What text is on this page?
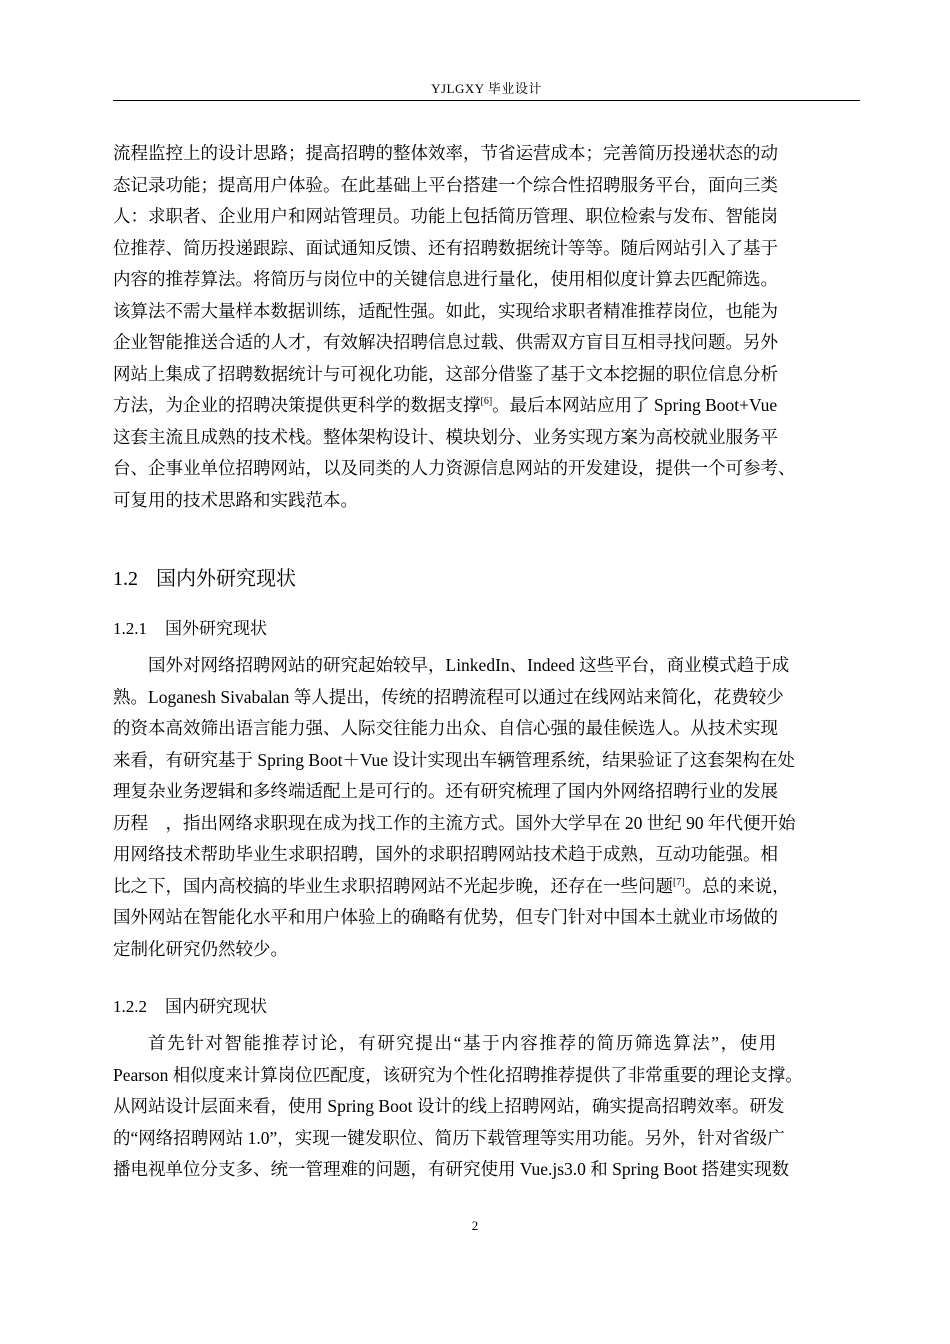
YJLGXY 毕业设计

流程监控上的设计思路；提高招聘的整体效率，节省运营成本；完善简历投递状态的动
态记录功能；提高用户体验。在此基础上平台搭建一个综合性招聘服务平台，面向三类
人：求职者、企业用户和网站管理员。功能上包括简历管理、职位检索与发布、智能岗
位推荐、简历投递跟踪、面试通知反馈、还有招聘数据统计等等。随后网站引入了基于
内容的推荐算法。将简历与岗位中的关键信息进行量化，使用相似度计算去匹配筛选。
该算法不需大量样本数据训练，适配性强。如此，实现给求职者精准推荐岗位，也能为
企业智能推送合适的人才，有效解决招聘信息过载、供需双方盲目互相寻找问题。另外
网站上集成了招聘数据统计与可视化功能，这部分借鉴了基于文本挖掘的职位信息分析
方法，为企业的招聘决策提供更科学的数据支撑[6]。最后本网站应用了 Spring Boot+Vue
这套主流且成熟的技术栈。整体架构设计、模块划分、业务实现方案为高校就业服务平
台、企事业单位招聘网站，以及同类的人力资源信息网站的开发建设，提供一个可参考、
可复用的技术思路和实践范本。

1.2 国内外研究现状
1.2.1 国外研究现状

国外对网络招聘网站的研究起始较早，LinkedIn、Indeed 这些平台，商业模式趋于成
熟。Loganesh Sivabalan 等人提出，传统的招聘流程可以通过在线网站来简化，花费较少
的资本高效筛出语言能力强、人际交往能力出众、自信心强的最佳候选人。从技术实现
来看，有研究基于 Spring Boot＋Vue 设计实现出车辆管理系统，结果验证了这套架构在处
理复杂业务逻辑和多终端适配上是可行的。还有研究梳理了国内外网络招聘行业的发展
历程　，指出网络求职现在成为找工作的主流方式。国外大学早在 20 世纪 90 年代便开始
用网络技术帮助毕业生求职招聘，国外的求职招聘网站技术趋于成熟，互动功能强。相
比之下，国内高校搞的毕业生求职招聘网站不光起步晚，还存在一些问题[7]。总的来说，
国外网站在智能化水平和用户体验上的确略有优势，但专门针对中国本土就业市场做的
定制化研究仍然较少。

1.2.2 国内研究现状

首先针对智能推荐讨论，有研究提出“基于内容推荐的简历筛选算法”，使用
Pearson 相似度来计算岗位匹配度，该研究为个性化招聘推荐提供了非常重要的理论支撑。
从网站设计层面来看，使用 Spring Boot 设计的线上招聘网站，确实提高招聘效率。研发
的“网络招聘网站 1.0”，实现一键发职位、简历下载管理等实用功能。另外，针对省级广
播电视单位分支多、统一管理难的问题，有研究使用 Vue.js3.0 和 Spring Boot 搭建实现数

2
